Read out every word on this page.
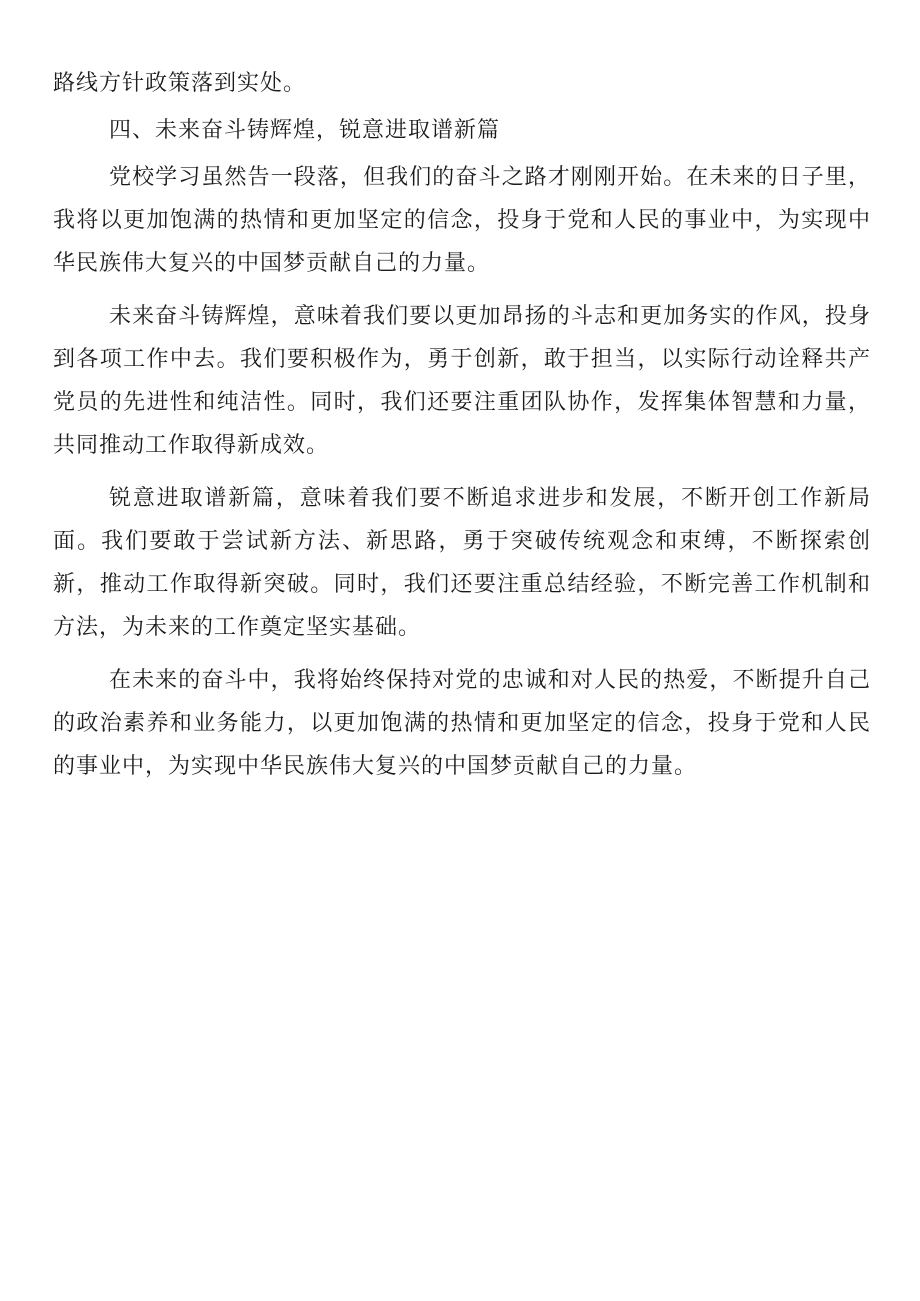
路线方针政策落到实处。

四、未来奋斗铸辉煌，锐意进取谱新篇

党校学习虽然告一段落，但我们的奋斗之路才刚刚开始。在未来的日子里，我将以更加饱满的热情和更加坚定的信念，投身于党和人民的事业中，为实现中华民族伟大复兴的中国梦贡献自己的力量。

未来奋斗铸辉煌，意味着我们要以更加昂扬的斗志和更加务实的作风，投身到各项工作中去。我们要积极作为，勇于创新，敢于担当，以实际行动诠释共产党员的先进性和纯洁性。同时，我们还要注重团队协作，发挥集体智慧和力量，共同推动工作取得新成效。

锐意进取谱新篇，意味着我们要不断追求进步和发展，不断开创工作新局面。我们要敢于尝试新方法、新思路，勇于突破传统观念和束缚，不断探索创新，推动工作取得新突破。同时，我们还要注重总结经验，不断完善工作机制和方法，为未来的工作奠定坚实基础。

在未来的奋斗中，我将始终保持对党的忠诚和对人民的热爱，不断提升自己的政治素养和业务能力，以更加饱满的热情和更加坚定的信念，投身于党和人民的事业中，为实现中华民族伟大复兴的中国梦贡献自己的力量。
